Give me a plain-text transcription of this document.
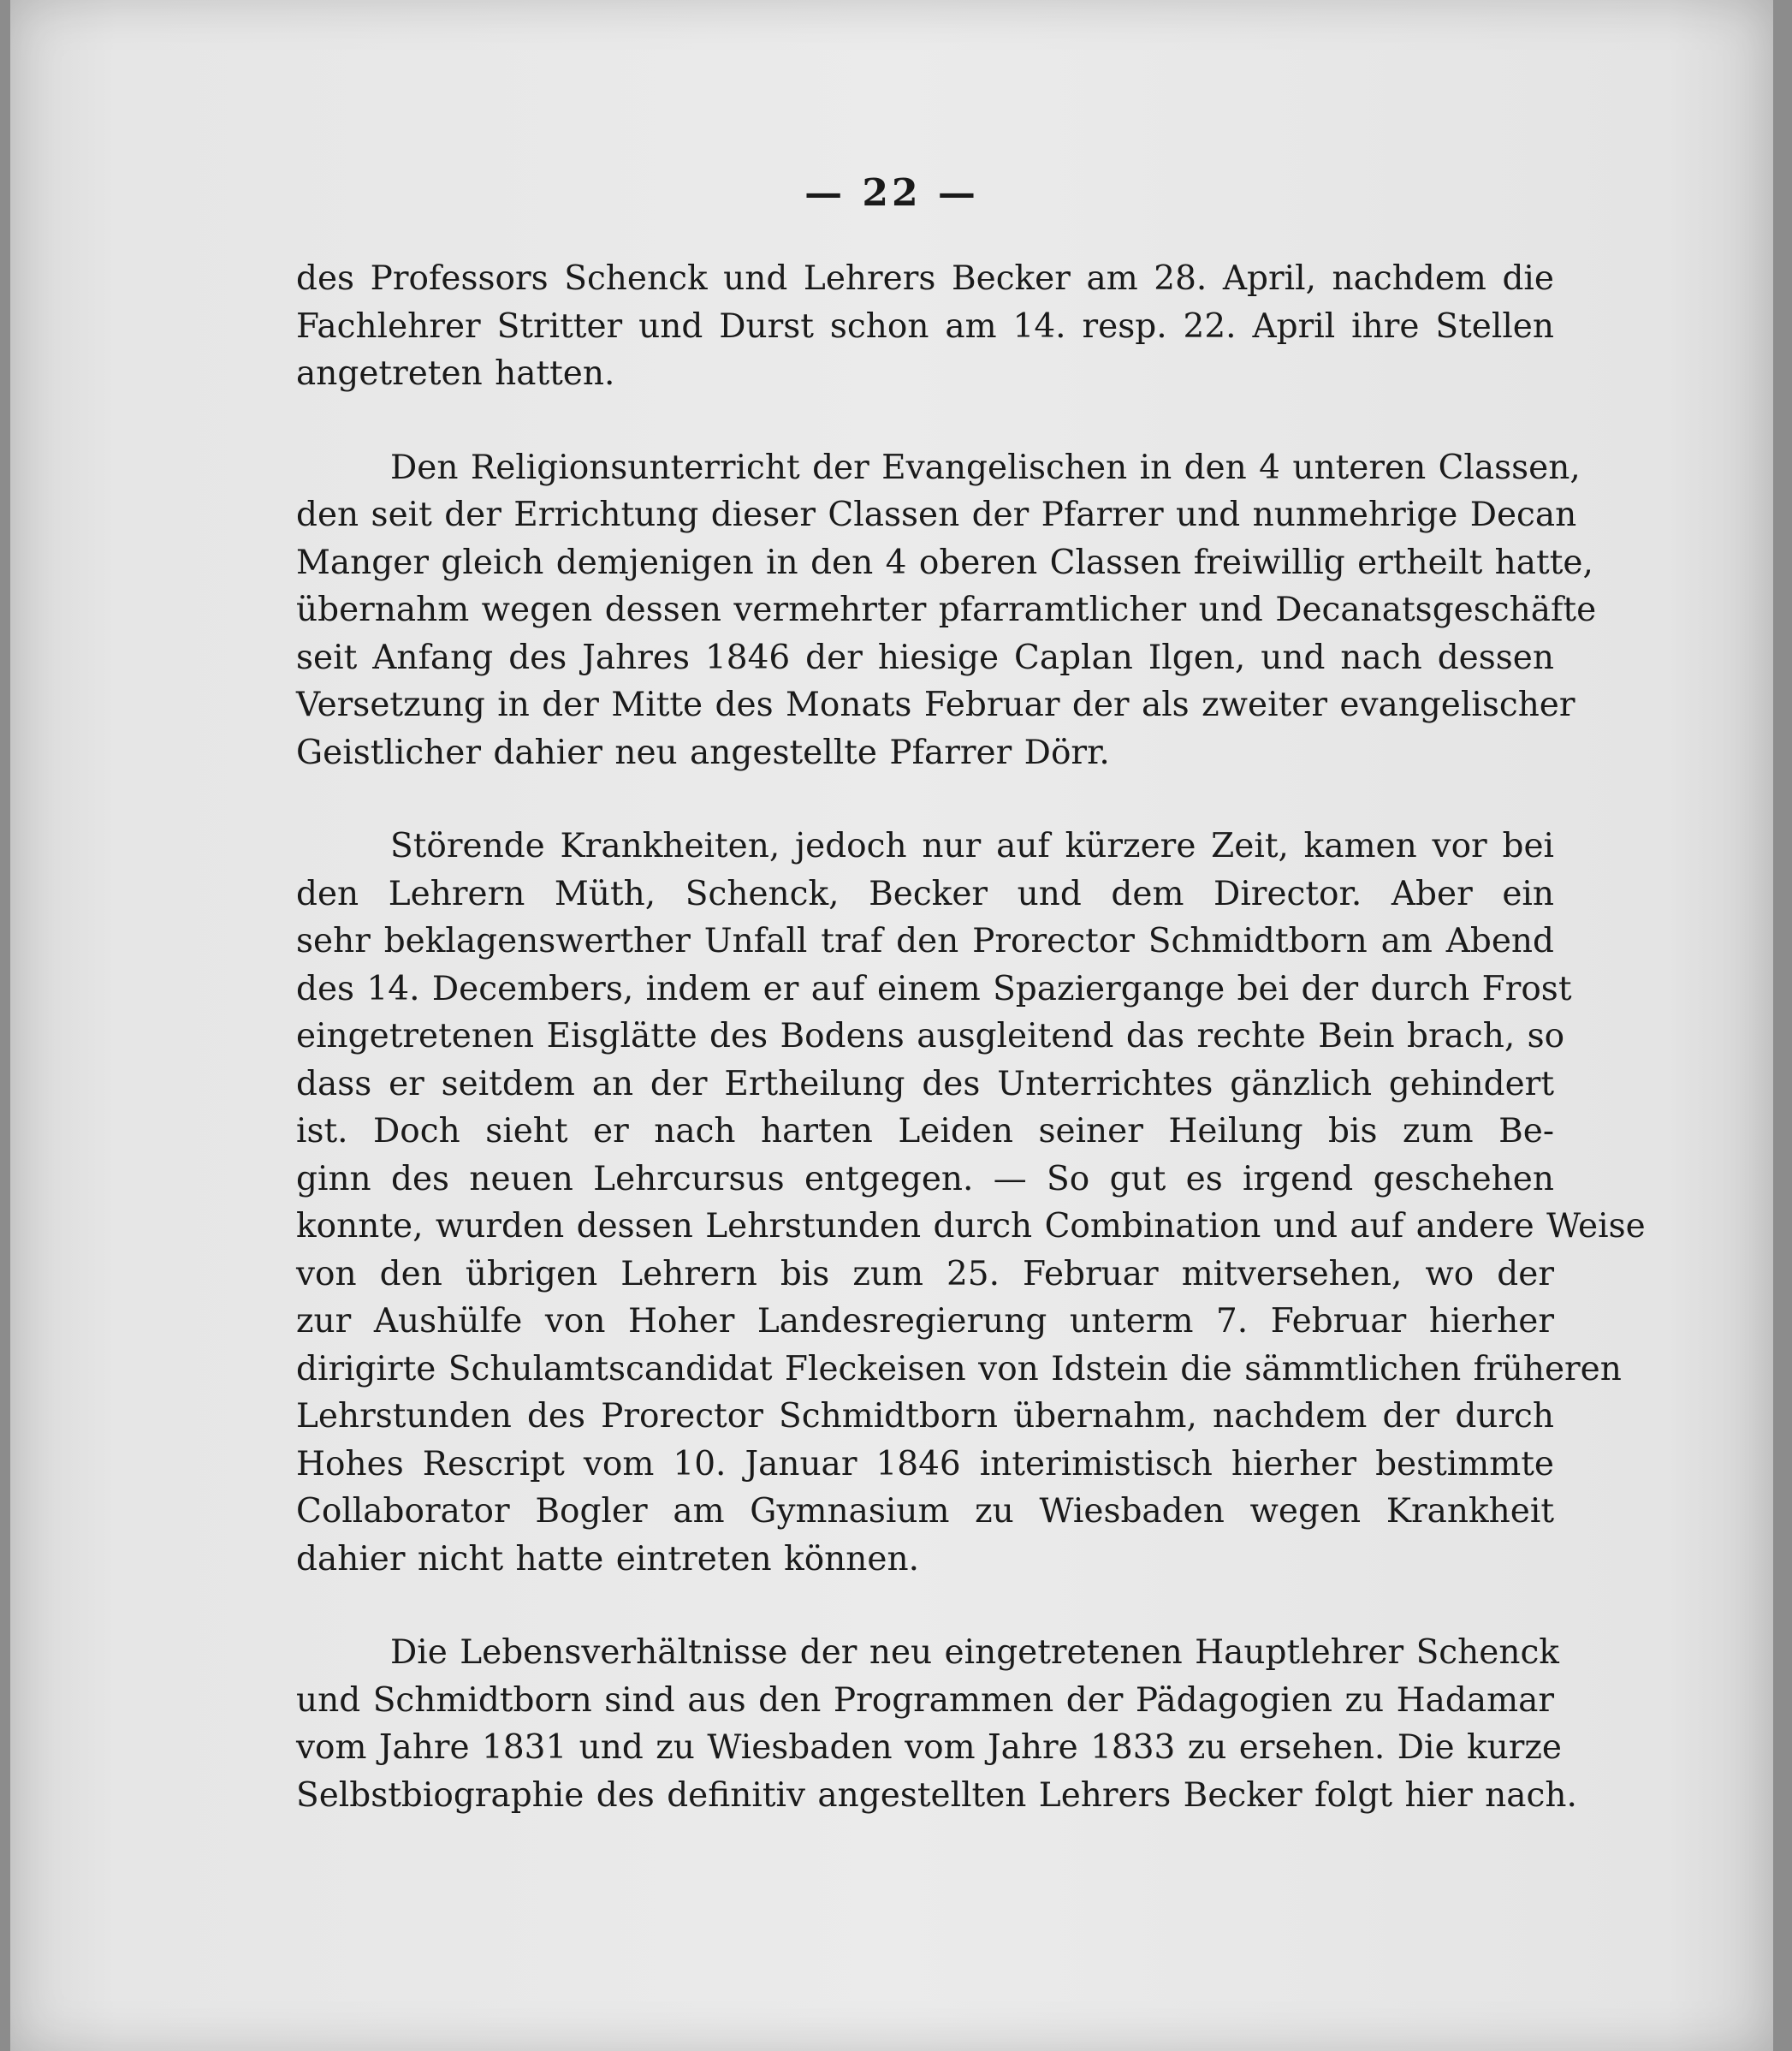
— 22 —

des Professors Schenck und Lehrers Becker am 28. April, nachdem die
Fachlehrer Stritter und Durst schon am 14. resp. 22. April ihre Stellen
angetreten hatten.

Den Religionsunterricht der Evangelischen in den 4 unteren Classen,
den seit der Errichtung dieser Classen der Pfarrer und nunmehrige Decan
Manger gleich demjenigen in den 4 oberen Classen freiwillig ertheilt hatte,
übernahm wegen dessen vermehrter pfarramtlicher und Decanatsgeschäfte
seit Anfang des Jahres 1846 der hiesige Caplan Ilgen, und nach dessen
Versetzung in der Mitte des Monats Februar der als zweiter evangelischer
Geistlicher dahier neu angestellte Pfarrer Dörr.

Störende Krankheiten, jedoch nur auf kürzere Zeit, kamen vor bei
den Lehrern Müth, Schenck, Becker und dem Director. Aber ein
sehr beklagenswerther Unfall traf den Prorector Schmidtborn am Abend
des 14. Decembers, indem er auf einem Spaziergange bei der durch Frost
eingetretenen Eisglätte des Bodens ausgleitend das rechte Bein brach, so
dass er seitdem an der Ertheilung des Unterrichtes gänzlich gehindert
ist. Doch sieht er nach harten Leiden seiner Heilung bis zum Be-
ginn des neuen Lehrcursus entgegen. — So gut es irgend geschehen
konnte, wurden dessen Lehrstunden durch Combination und auf andere Weise
von den übrigen Lehrern bis zum 25. Februar mitversehen, wo der
zur Aushülfe von Hoher Landesregierung unterm 7. Februar hierher
dirigirte Schulamtscandidat Fleckeisen von Idstein die sämmtlichen früheren
Lehrstunden des Prorector Schmidtborn übernahm, nachdem der durch
Hohes Rescript vom 10. Januar 1846 interimistisch hierher bestimmte
Collaborator Bogler am Gymnasium zu Wiesbaden wegen Krankheit
dahier nicht hatte eintreten können.

Die Lebensverhältnisse der neu eingetretenen Hauptlehrer Schenck
und Schmidtborn sind aus den Programmen der Pädagogien zu Hadamar
vom Jahre 1831 und zu Wiesbaden vom Jahre 1833 zu ersehen. Die kurze
Selbstbiographie des definitiv angestellten Lehrers Becker folgt hier nach.
